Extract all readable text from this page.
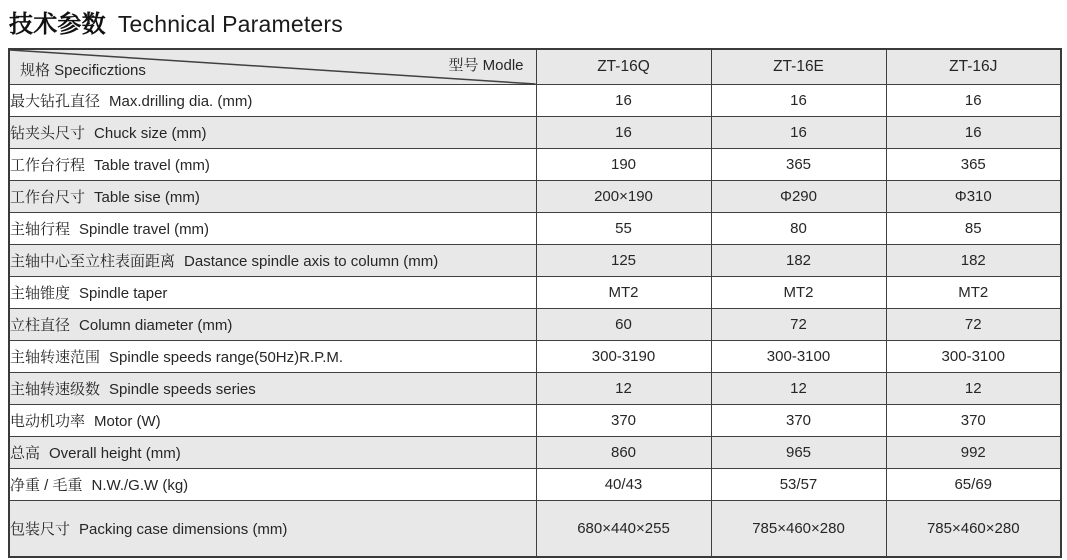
技术参数 Technical Parameters
规格 Specificztions 型号 Modle	ZT-16Q	ZT-16E	ZT-16J
最大钻孔直径 Max.drilling dia. (mm)	16	16	16
钻夹头尺寸 Chuck size (mm)	16	16	16
工作台行程 Table travel (mm)	190	365	365
工作台尺寸 Table sise (mm)	200×190	Φ290	Φ310
主轴行程 Spindle travel (mm)	55	80	85
主轴中心至立柱表面距离 Dastance spindle axis to column (mm)	125	182	182
主轴锥度 Spindle taper	MT2	MT2	MT2
立柱直径 Column diameter (mm)	60	72	72
主轴转速范围 Spindle speeds range(50Hz)R.P.M.	300-3190	300-3100	300-3100
主轴转速级数 Spindle speeds series	12	12	12
电动机功率 Motor (W)	370	370	370
总高 Overall height (mm)	860	965	992
净重 / 毛重 N.W./G.W (kg)	40/43	53/57	65/69
包装尺寸 Packing case dimensions (mm)	680×440×255	785×460×280	785×460×280
